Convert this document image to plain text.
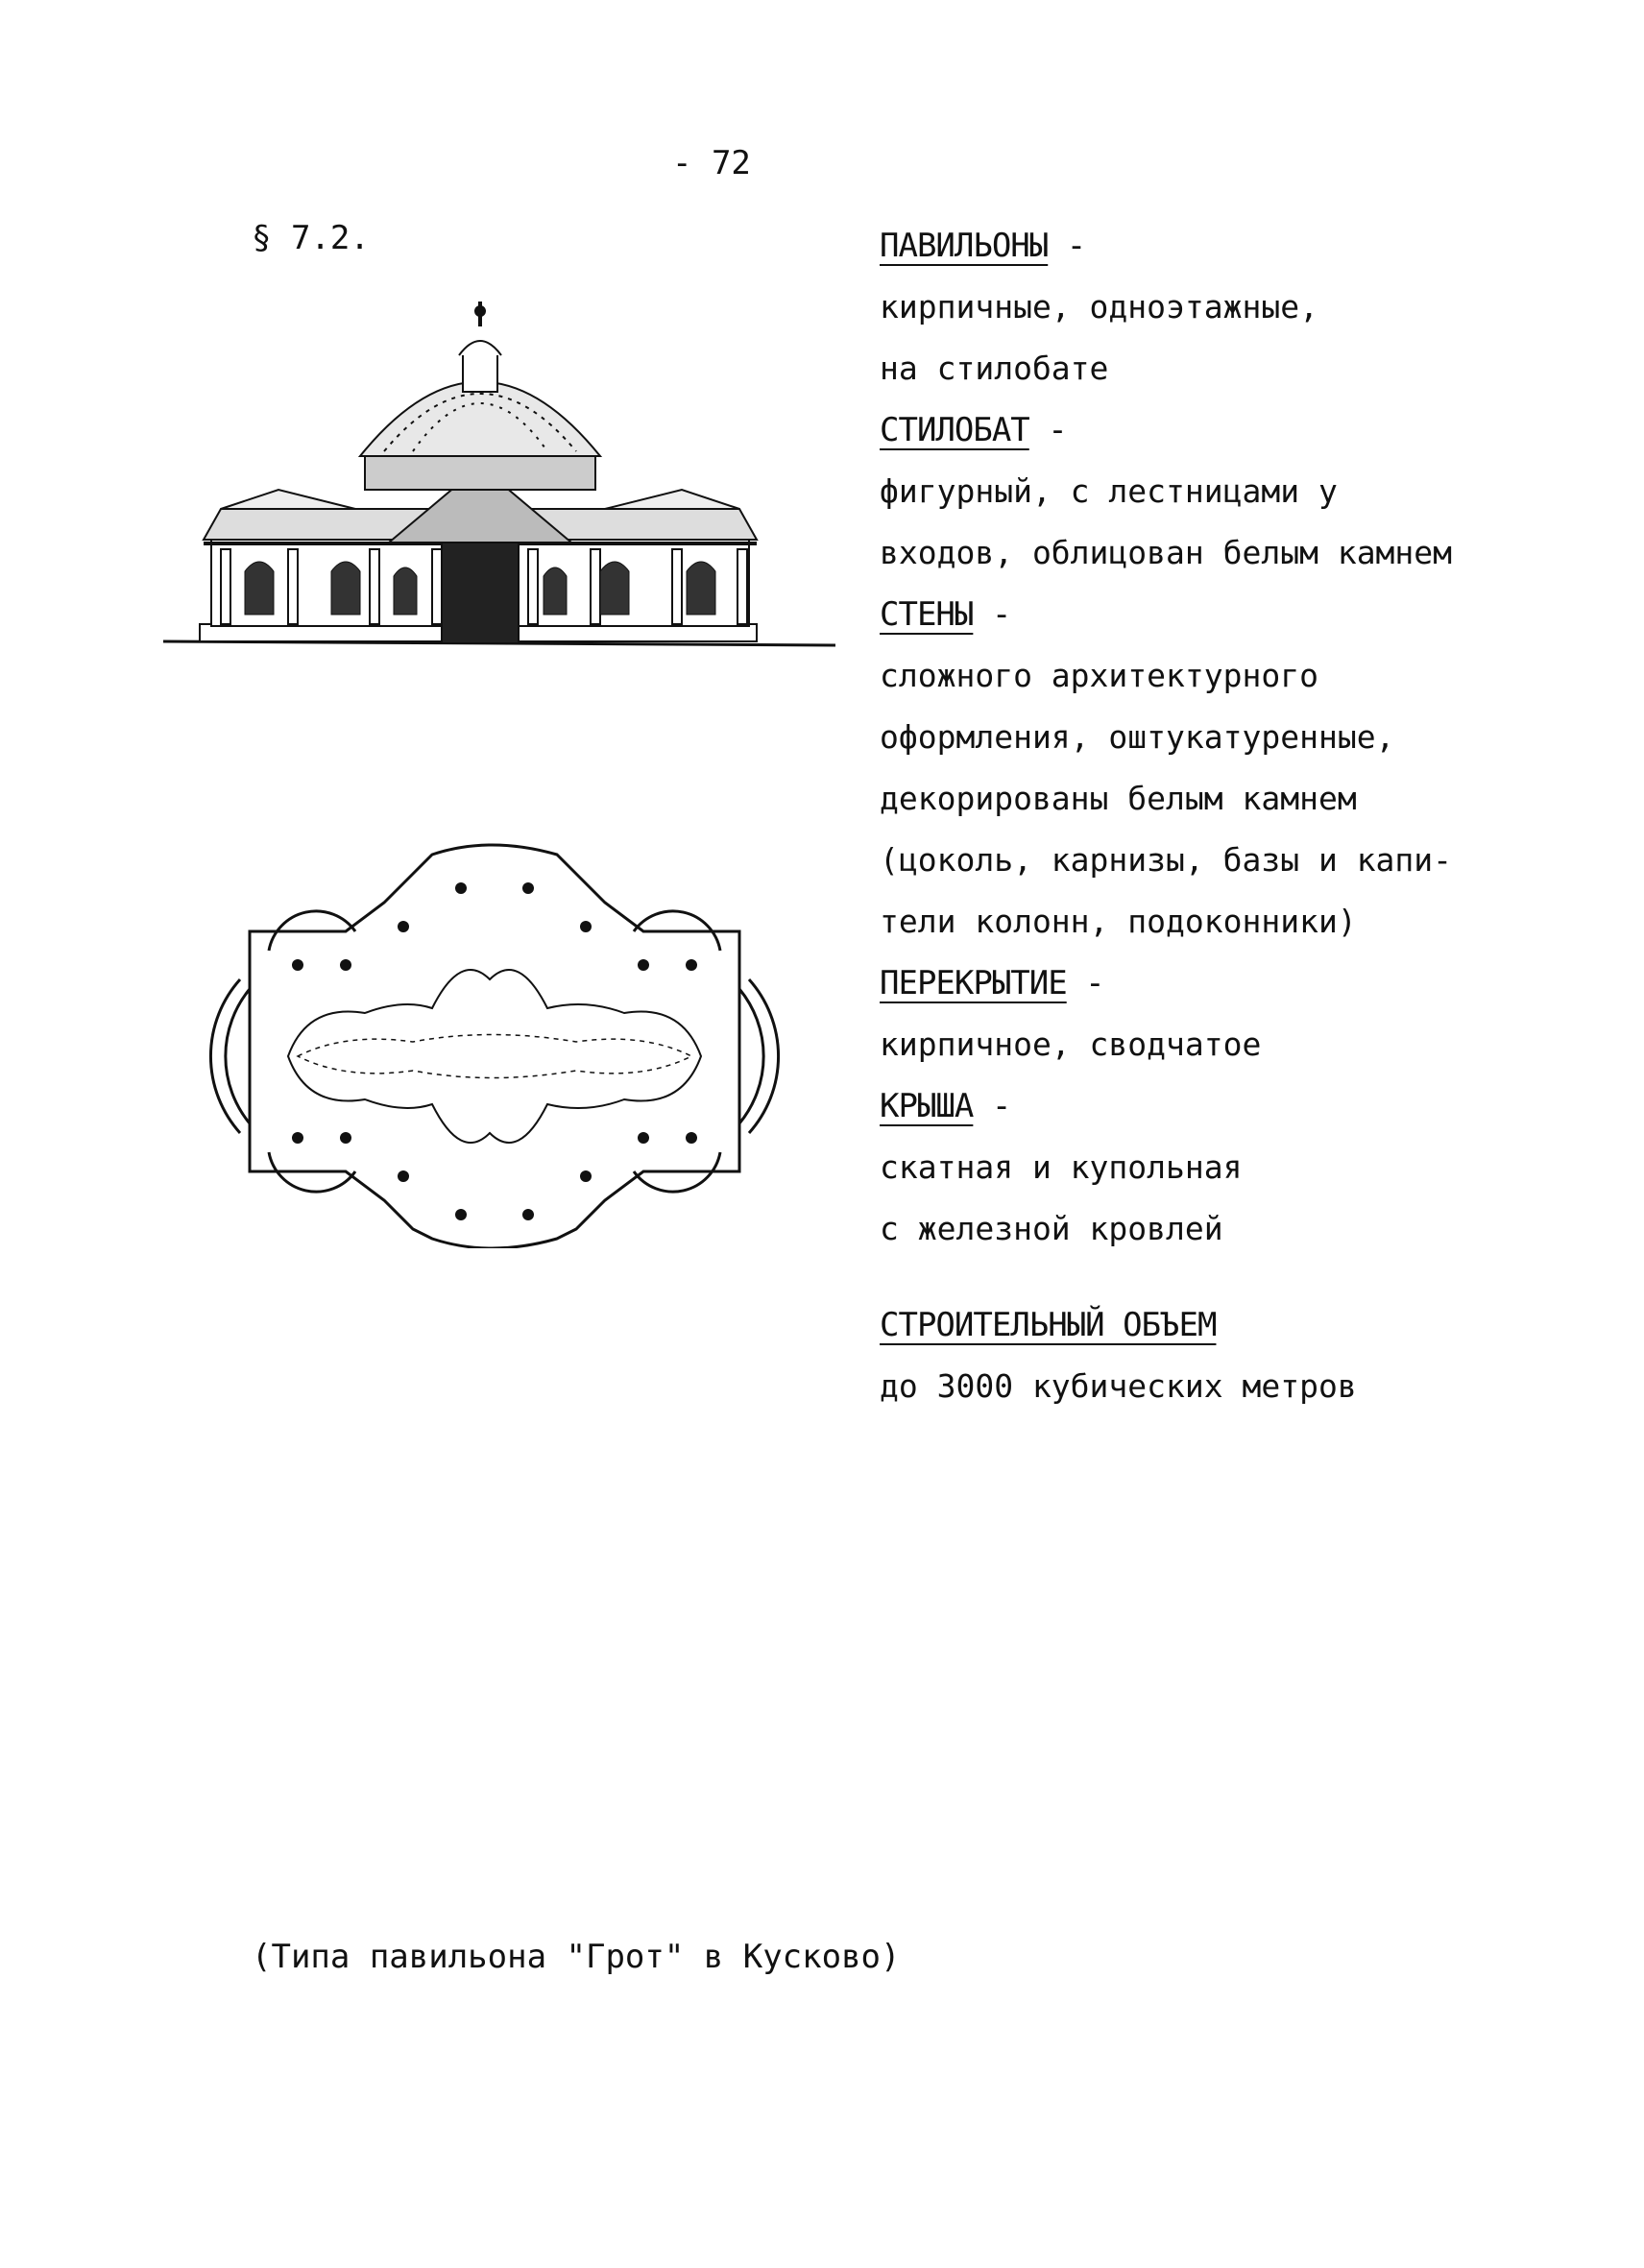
- 72
§ 7.2.	ПАВИЛЬОНЫ -
кирпичные, одноэтажные,
на стилобате
СТИЛОБАТ -
фигурный, с лестницами у
входов, облицован белым камнем
СТЕНЫ -
сложного архитектурного
оформления, оштукатуренные,
декорированы белым камнем
(цоколь, карнизы, базы и капи-
тели колонн, подоконники)
ПЕРЕКРЫТИЕ -
кирпичное, сводчатое
КРЫША -
скатная и купольная
с железной кровлей
СТРОИТЕЛЬНЫЙ ОБЪЕМ
до 3000 кубических метров
(Типа павильона "Грот" в Кусково)
